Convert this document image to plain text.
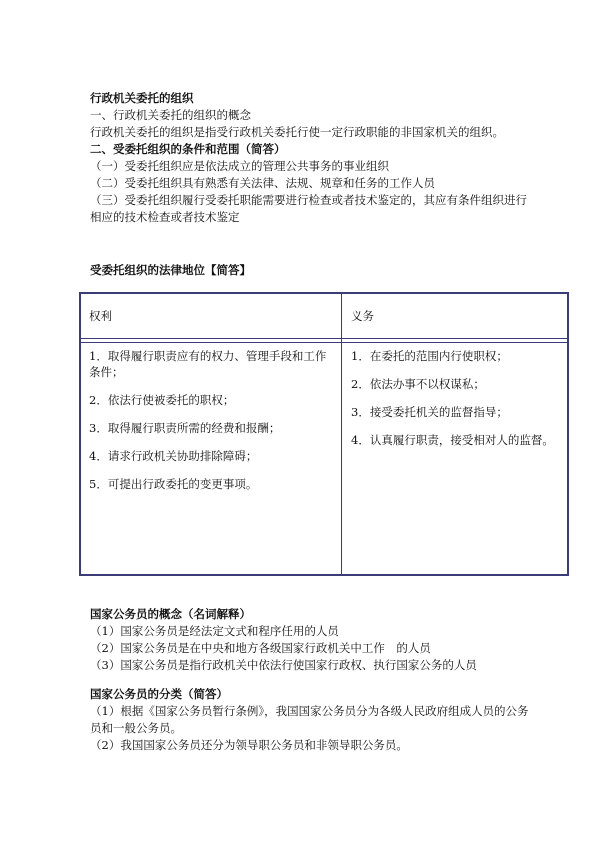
行政机关委托的组织

一、行政机关委托的组织的概念

行政机关委托的组织是指受行政机关委托行使一定行政职能的非国家机关的组织。

二、受委托组织的条件和范围（简答）

（一）受委托组织应是依法成立的管理公共事务的事业组织

（二）受委托组织具有熟悉有关法律、法规、规章和任务的工作人员

（三）受委托组织履行受委托职能需要进行检查或者技术鉴定的，其应有条件组织进行相应的技术检查或者技术鉴定

受委托组织的法律地位【简答】

权利	义务

1．取得履行职责应有的权力、管理手段和工作条件；

2．依法行使被委托的职权；

3．取得履行职责所需的经费和报酬；

4．请求行政机关协助排除障碍；

5．可提出行政委托的变更事项。

1．在委托的范围内行使职权；

2．依法办事不以权谋私；

3．接受委托机关的监督指导；

4．认真履行职责，接受相对人的监督。

国家公务员的概念（名词解释）

（1）国家公务员是经法定文式和程序任用的人员

（2）国家公务员是在中央和地方各级国家行政机关中工作　的人员

（3）国家公务员是指行政机关中依法行使国家行政权、执行国家公务的人员

国家公务员的分类（简答）

（1）根据《国家公务员暂行条例》，我国国家公务员分为各级人民政府组成人员的公务员和一般公务员。

（2）我国国家公务员还分为领导职公务员和非领导职公务员。
